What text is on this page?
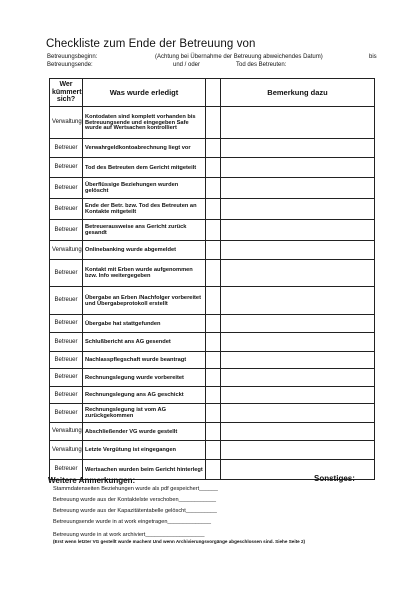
Checkliste zum Ende der Betreuung von
Betreuungsbeginn:	(Achtung bei Übernahme der Betreuung abweichendes Datum)	bis
Betreuungsende:	und / oder	Tod des Betreuten:
Wer kümmert sich?	Was wurde erledigt		Bemerkung dazu
Verwaltung	Kontodaten sind komplett vorhanden bis Betreuungsende und eingegeben Safe wurde auf Wertsachen kontrolliert		
Betreuer	Verwahrgeldkontoabrechnung liegt vor		
Betreuer	Tod des Betreuten dem Gericht mitgeteilt		
Betreuer	Überflüssige Beziehungen wurden gelöscht		
Betreuer	Ende der Betr. bzw. Tod des Betreuten an Kontakte mitgeteilt		
Betreuer	Betreuerausweise ans Gericht zurück gesandt		
Verwaltung	Onlinebanking wurde abgemeldet		
Betreuer	Kontakt mit Erben wurde aufgenommen bzw. Info weitergegeben		
Betreuer	Übergabe an Erben /Nachfolger vorbereitet und Übergabeprotokoll erstellt		
Betreuer	Übergabe hat stattgefunden		
Betreuer	Schlußbericht ans AG gesendet		
Betreuer	Nachlasspflegschaft wurde beantragt		
Betreuer	Rechnungslegung wurde vorbereitet		
Betreuer	Rechnungslegung ans AG geschickt		
Betreuer	Rechnungslegung ist vom AG zurückgekommen		
Verwaltung	Abschließender VG wurde gestellt		
Verwaltung	Letzte Vergütung ist eingegangen		
Betreuer	Wertsachen wurden beim Gericht hinterlegt		
Weitere Anmerkungen:	Sonstiges:
Stammdatenseiten Beziehungen wurde als pdf gespeichert______
Betreuung wurde aus der Kontaktelste verschoben____________
Betreuung wurde aus der Kapazitätentabelle gelöscht__________
Betreuungsende wurde in at work eingetragen______________
Betreuung wurde in at work archiviert___________________
(Erst wenn letzter VG gestellt wurde machen! Und wenn Archivierungsvorgänge abgeschlossen sind. Siehe Seite 2)
